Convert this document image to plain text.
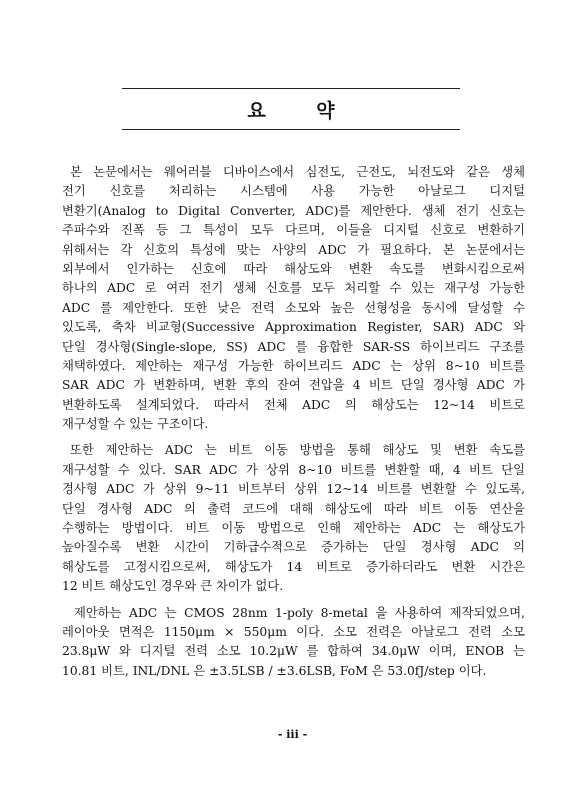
요 약
본 논문에서는 웨어러블 디바이스에서 심전도, 근전도, 뇌전도와 같은 생체
전기 신호를 처리하는 시스템에 사용 가능한 아날로그 디지털
변환기(Analog to Digital Converter, ADC)를 제안한다. 생체 전기 신호는
주파수와 진폭 등 그 특성이 모두 다르며, 이들을 디지털 신호로 변환하기
위해서는 각 신호의 특성에 맞는 사양의 ADC 가 필요하다. 본 논문에서는
외부에서 인가하는 신호에 따라 해상도와 변환 속도를 변화시킴으로써
하나의 ADC 로 여러 전기 생체 신호를 모두 처리할 수 있는 재구성 가능한
ADC 를 제안한다. 또한 낮은 전력 소모와 높은 선형성을 동시에 달성할 수
있도록, 축차 비교형(Successive Approximation Register, SAR) ADC 와
단일 경사형(Single-slope, SS) ADC 를 융합한 SAR-SS 하이브리드 구조를
채택하였다. 제안하는 재구성 가능한 하이브리드 ADC 는 상위 8~10 비트를
SAR ADC 가 변환하며, 변환 후의 잔여 전압을 4 비트 단일 경사형 ADC 가
변환하도록 설계되었다. 따라서 전체 ADC 의 해상도는 12~14 비트로
재구성할 수 있는 구조이다.
또한 제안하는 ADC 는 비트 이동 방법을 통해 해상도 및 변환 속도를
재구성할 수 있다. SAR ADC 가 상위 8~10 비트를 변환할 때, 4 비트 단일
경사형 ADC 가 상위 9~11 비트부터 상위 12~14 비트를 변환할 수 있도록,
단일 경사형 ADC 의 출력 코드에 대해 해상도에 따라 비트 이동 연산을
수행하는 방법이다. 비트 이동 방법으로 인해 제안하는 ADC 는 해상도가
높아질수록 변환 시간이 기하급수적으로 증가하는 단일 경사형 ADC 의
해상도를 고정시킴으로써, 해상도가 14 비트로 증가하더라도 변환 시간은
12 비트 해상도인 경우와 큰 차이가 없다.
제안하는 ADC 는 CMOS 28nm 1-poly 8-metal 을 사용하여 제작되었으며,
레이아웃 면적은 1150μm × 550μm 이다. 소모 전력은 아날로그 전력 소모
23.8μW 와 디지털 전력 소모 10.2μW 를 합하여 34.0μW 이며, ENOB 는
10.81 비트, INL/DNL 은 ±3.5LSB / ±3.6LSB, FoM 은 53.0fJ/step 이다.
- iii -
